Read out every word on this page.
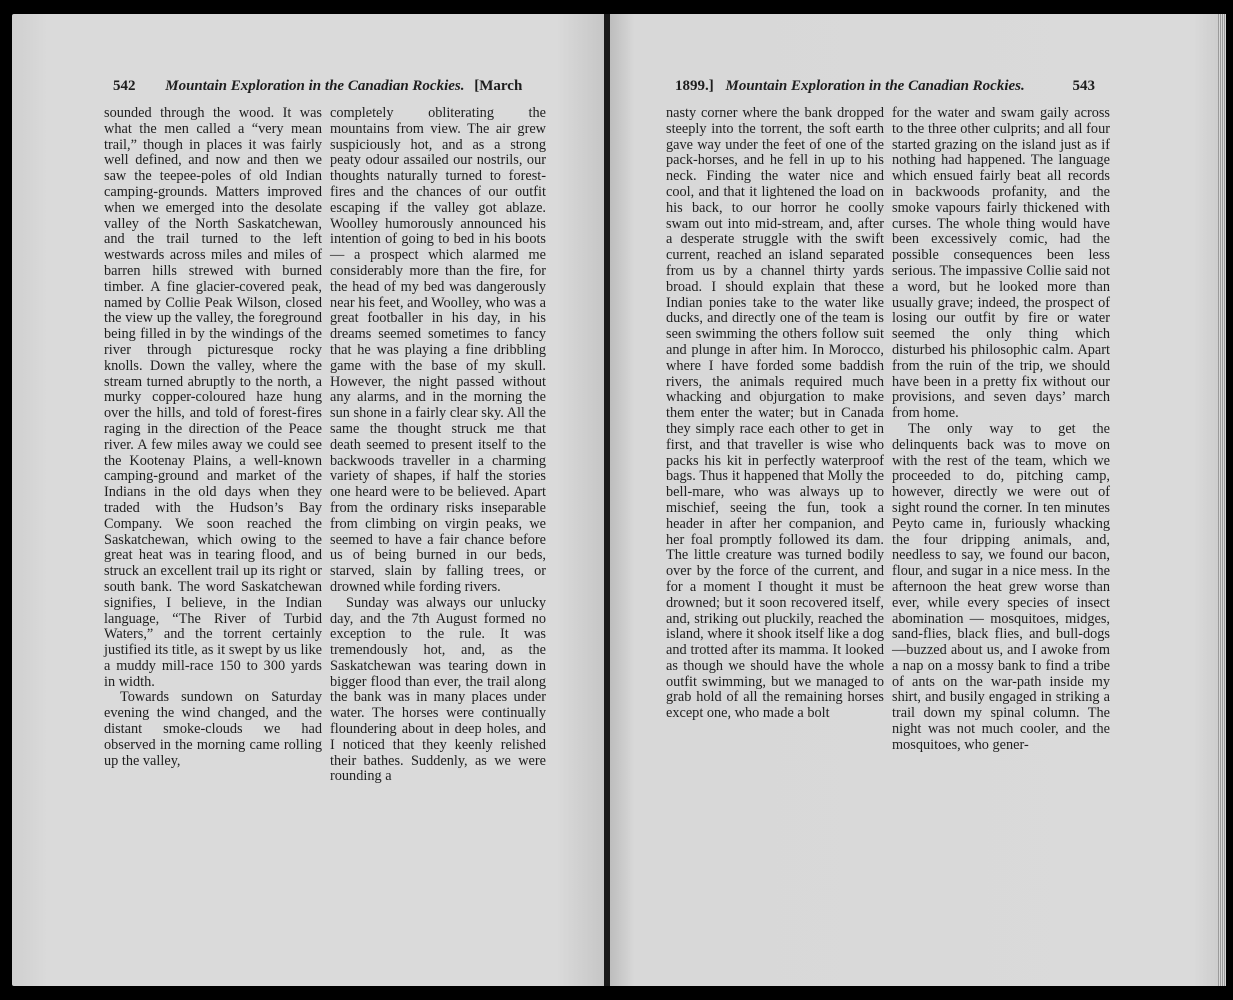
542 Mountain Exploration in the Canadian Rockies. [March	1899.] Mountain Exploration in the Canadian Rockies.	543

sounded through the wood. It was what the men called a “very mean trail,” though in places it was fairly well defined, and now and then we saw the teepee-poles of old Indian camping-grounds. Matters improved when we emerged into the desolate valley of the North Saskatchewan, and the trail turned to the left westwards across miles and miles of barren hills strewed with burned timber. A fine glacier-covered peak, named by Collie Peak Wilson, closed the view up the valley, the foreground being filled in by the windings of the river through picturesque rocky knolls. Down the valley, where the stream turned abruptly to the north, a murky copper-coloured haze hung over the hills, and told of forest-fires raging in the direction of the Peace river. A few miles away we could see the Kootenay Plains, a well-known camping-ground and market of the Indians in the old days when they traded with the Hudson’s Bay Company. We soon reached the Saskatchewan, which owing to the great heat was in tearing flood, and struck an excellent trail up its right or south bank. The word Saskatchewan signifies, I believe, in the Indian language, “The River of Turbid Waters,” and the torrent certainly justified its title, as it swept by us like a muddy mill-race 150 to 300 yards in width.

Towards sundown on Saturday evening the wind changed, and the distant smoke-clouds we had observed in the morning came rolling up the valley,

completely obliterating the mountains from view. The air grew suspiciously hot, and as a strong peaty odour assailed our nostrils, our thoughts naturally turned to forest-fires and the chances of our outfit escaping if the valley got ablaze. Woolley humorously announced his intention of going to bed in his boots — a prospect which alarmed me considerably more than the fire, for the head of my bed was dangerously near his feet, and Woolley, who was a great footballer in his day, in his dreams seemed sometimes to fancy that he was playing a fine dribbling game with the base of my skull. However, the night passed without any alarms, and in the morning the sun shone in a fairly clear sky. All the same the thought struck me that death seemed to present itself to the backwoods traveller in a charming variety of shapes, if half the stories one heard were to be believed. Apart from the ordinary risks inseparable from climbing on virgin peaks, we seemed to have a fair chance before us of being burned in our beds, starved, slain by falling trees, or drowned while fording rivers.

Sunday was always our unlucky day, and the 7th August formed no exception to the rule. It was tremendously hot, and, as the Saskatchewan was tearing down in bigger flood than ever, the trail along the bank was in many places under water. The horses were continually floundering about in deep holes, and I noticed that they keenly relished their bathes. Suddenly, as we were rounding a

nasty corner where the bank dropped steeply into the torrent, the soft earth gave way under the feet of one of the pack-horses, and he fell in up to his neck. Finding the water nice and cool, and that it lightened the load on his back, to our horror he coolly swam out into mid-stream, and, after a desperate struggle with the swift current, reached an island separated from us by a channel thirty yards broad. I should explain that these Indian ponies take to the water like ducks, and directly one of the team is seen swimming the others follow suit and plunge in after him. In Morocco, where I have forded some baddish rivers, the animals required much whacking and objurgation to make them enter the water; but in Canada they simply race each other to get in first, and that traveller is wise who packs his kit in perfectly waterproof bags. Thus it happened that Molly the bell-mare, who was always up to mischief, seeing the fun, took a header in after her companion, and her foal promptly followed its dam. The little creature was turned bodily over by the force of the current, and for a moment I thought it must be drowned; but it soon recovered itself, and, striking out pluckily, reached the island, where it shook itself like a dog and trotted after its mamma. It looked as though we should have the whole outfit swimming, but we managed to grab hold of all the remaining horses except one, who made a bolt

for the water and swam gaily across to the three other culprits; and all four started grazing on the island just as if nothing had happened. The language which ensued fairly beat all records in backwoods profanity, and the smoke vapours fairly thickened with curses. The whole thing would have been excessively comic, had the possible consequences been less serious. The impassive Collie said not a word, but he looked more than usually grave; indeed, the prospect of losing our outfit by fire or water seemed the only thing which disturbed his philosophic calm. Apart from the ruin of the trip, we should have been in a pretty fix without our provisions, and seven days’ march from home.

The only way to get the delinquents back was to move on with the rest of the team, which we proceeded to do, pitching camp, however, directly we were out of sight round the corner. In ten minutes Peyto came in, furiously whacking the four dripping animals, and, needless to say, we found our bacon, flour, and sugar in a nice mess. In the afternoon the heat grew worse than ever, while every species of insect abomination — mosquitoes, midges, sand-flies, black flies, and bull-dogs—buzzed about us, and I awoke from a nap on a mossy bank to find a tribe of ants on the war-path inside my shirt, and busily engaged in striking a trail down my spinal column. The night was not much cooler, and the mosquitoes, who gener-
